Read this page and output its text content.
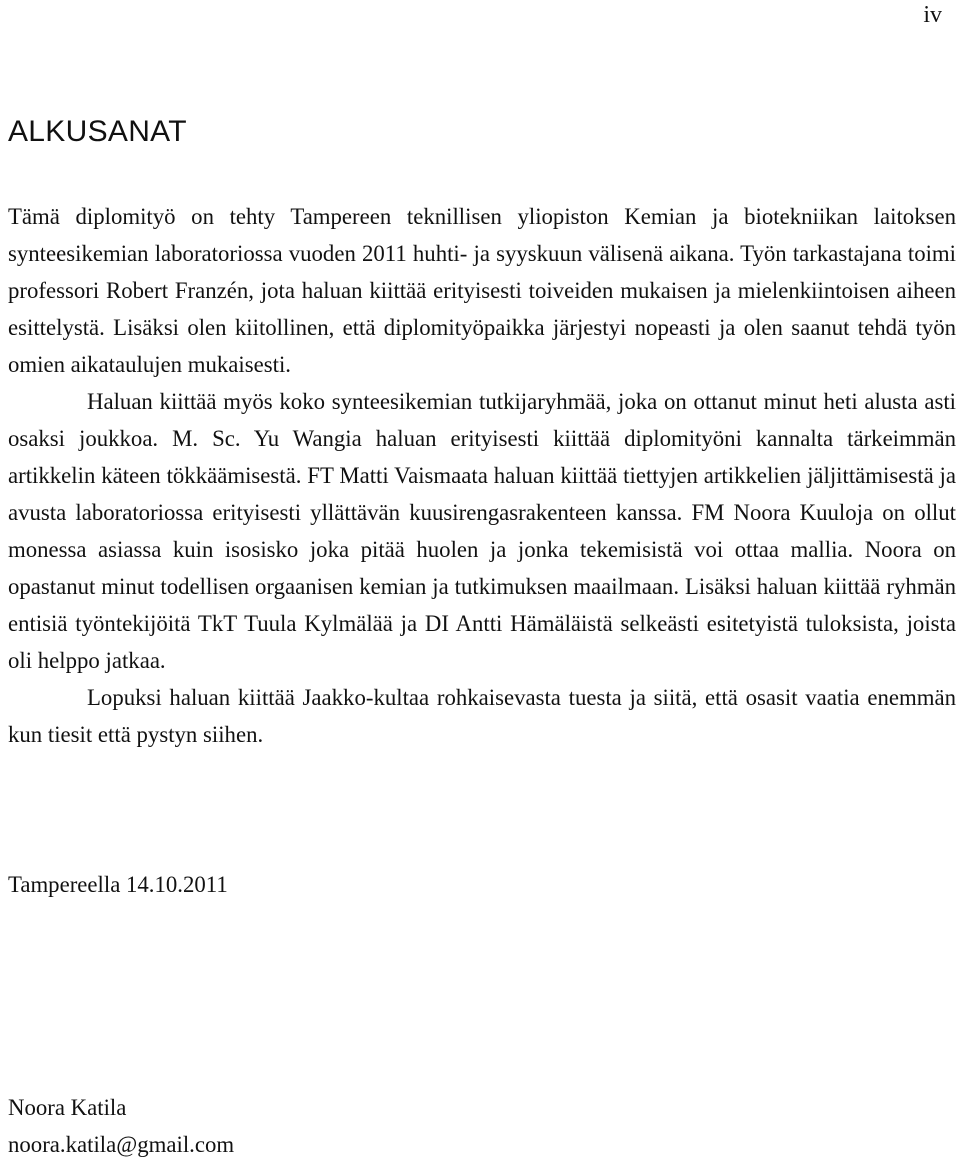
iv
ALKUSANAT

Tämä diplomityö on tehty Tampereen teknillisen yliopiston Kemian ja biotekniikan laitoksen synteesikemian laboratoriossa vuoden 2011 huhti- ja syyskuun välisenä aikana. Työn tarkastajana toimi professori Robert Franzén, jota haluan kiittää erityisesti toiveiden mukaisen ja mielenkiintoisen aiheen esittelystä. Lisäksi olen kiitollinen, että diplomityöpaikka järjestyi nopeasti ja olen saanut tehdä työn omien aikataulujen mukaisesti.

Haluan kiittää myös koko synteesikemian tutkijaryhmää, joka on ottanut minut heti alusta asti osaksi joukkoa. M. Sc. Yu Wangia haluan erityisesti kiittää diplomityöni kannalta tärkeimmän artikkelin käteen tökkäämisestä. FT Matti Vaismaata haluan kiittää tiettyjen artikkelien jäljittämisestä ja avusta laboratoriossa erityisesti yllättävän kuusirengasrakenteen kanssa. FM Noora Kuuloja on ollut monessa asiassa kuin isosisko joka pitää huolen ja jonka tekemisistä voi ottaa mallia. Noora on opastanut minut todellisen orgaanisen kemian ja tutkimuksen maailmaan. Lisäksi haluan kiittää ryhmän entisiä työntekijöitä TkT Tuula Kylmälää ja DI Antti Hämäläistä selkeästi esitetyistä tuloksista, joista oli helppo jatkaa.

Lopuksi haluan kiittää Jaakko-kultaa rohkaisevasta tuesta ja siitä, että osasit vaatia enemmän kun tiesit että pystyn siihen.

Tampereella 14.10.2011
Noora Katila
noora.katila@gmail.com
